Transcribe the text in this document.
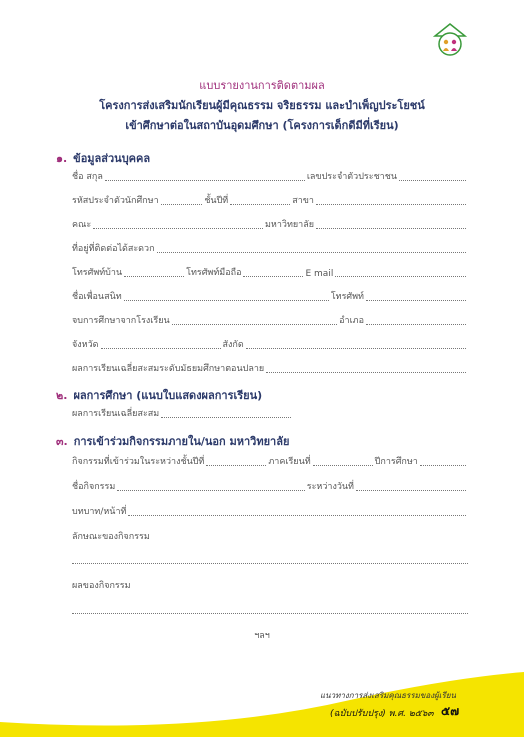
แบบรายงานการติดตามผล
โครงการส่งเสริมนักเรียนผู้มีคุณธรรม จริยธรรม และบำเพ็ญประโยชน์
เข้าศึกษาต่อในสถาบันอุดมศึกษา (โครงการเด็กดีมีที่เรียน)
๑. ข้อมูลส่วนบุคคล
ชื่อ สกุล	เลขประจำตัวประชาชน
รหัสประจำตัวนักศึกษา	ชั้นปีที่	สาขา
คณะ	มหาวิทยาลัย
ที่อยู่ที่ติดต่อได้สะดวก
โทรศัพท์บ้าน	โทรศัพท์มือถือ	E mail
ชื่อเพื่อนสนิท	โทรศัพท์
จบการศึกษาจากโรงเรียน	อำเภอ
จังหวัด	สังกัด
ผลการเรียนเฉลี่ยสะสมระดับมัธยมศึกษาตอนปลาย
๒. ผลการศึกษา (แนบใบแสดงผลการเรียน)
ผลการเรียนเฉลี่ยสะสม
๓. การเข้าร่วมกิจกรรมภายใน/นอก มหาวิทยาลัย
กิจกรรมที่เข้าร่วมในระหว่างชั้นปีที่	ภาคเรียนที่	ปีการศึกษา
ชื่อกิจกรรม	ระหว่างวันที่
บทบาท/หน้าที่
ลักษณะของกิจกรรม
ผลของกิจกรรม
ฯลฯ
แนวทางการส่งเสริมคุณธรรมของผู้เรียน
(ฉบับปรับปรุง) พ.ศ. ๒๕๖๓ ๕๗
